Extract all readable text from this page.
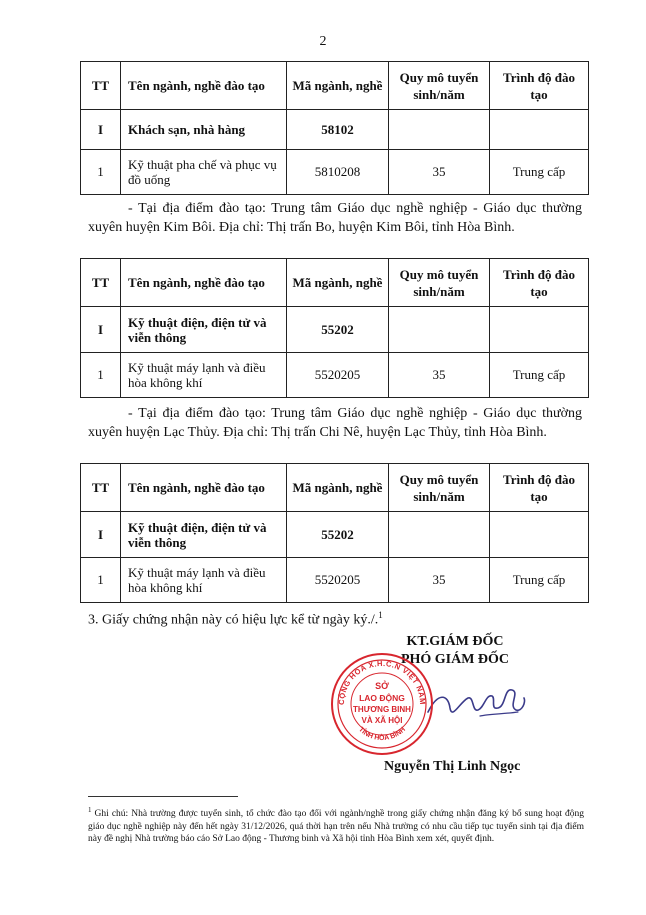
2
TT	Tên ngành, nghề đào tạo	Mã ngành, nghề	Quy mô tuyển sinh/năm	Trình độ đào tạo
I	Khách sạn, nhà hàng	58102		
1	Kỹ thuật pha chế và phục vụ đồ uống	5810208	35	Trung cấp
- Tại địa điểm đào tạo: Trung tâm Giáo dục nghề nghiệp - Giáo dục thường xuyên huyện Kim Bôi. Địa chỉ: Thị trấn Bo, huyện Kim Bôi, tỉnh Hòa Bình.
TT	Tên ngành, nghề đào tạo	Mã ngành, nghề	Quy mô tuyển sinh/năm	Trình độ đào tạo
I	Kỹ thuật điện, điện tử và viễn thông	55202		
1	Kỹ thuật máy lạnh và điều hòa không khí	5520205	35	Trung cấp
- Tại địa điểm đào tạo: Trung tâm Giáo dục nghề nghiệp - Giáo dục thường xuyên huyện Lạc Thủy. Địa chỉ: Thị trấn Chi Nê, huyện Lạc Thủy, tỉnh Hòa Bình.
TT	Tên ngành, nghề đào tạo	Mã ngành, nghề	Quy mô tuyển sinh/năm	Trình độ đào tạo
I	Kỹ thuật điện, điện tử và viễn thông	55202		
1	Kỹ thuật máy lạnh và điều hòa không khí	5520205	35	Trung cấp
3. Giấy chứng nhận này có hiệu lực kể từ ngày ký./.$^1$
KT.GIÁM ĐỐC
PHÓ GIÁM ĐỐC
CỘNG HÒA X.H.C.N VIỆT NAM
TỈNH HÒA BÌNH
SỞ
LAO ĐỘNG
THƯƠNG BINH
VÀ XÃ HỘI
Nguyễn Thị Linh Ngọc
$^1$ Ghi chú: Nhà trường được tuyển sinh, tổ chức đào tạo đối với ngành/nghề trong giấy chứng nhận đăng ký bổ sung hoạt động giáo dục nghề nghiệp này đến hết ngày 31/12/2026, quá thời hạn trên nếu Nhà trường có nhu cầu tiếp tục tuyển sinh tại địa điểm này đề nghị Nhà trường báo cáo Sở Lao động - Thương binh và Xã hội tỉnh Hòa Bình xem xét, quyết định.
